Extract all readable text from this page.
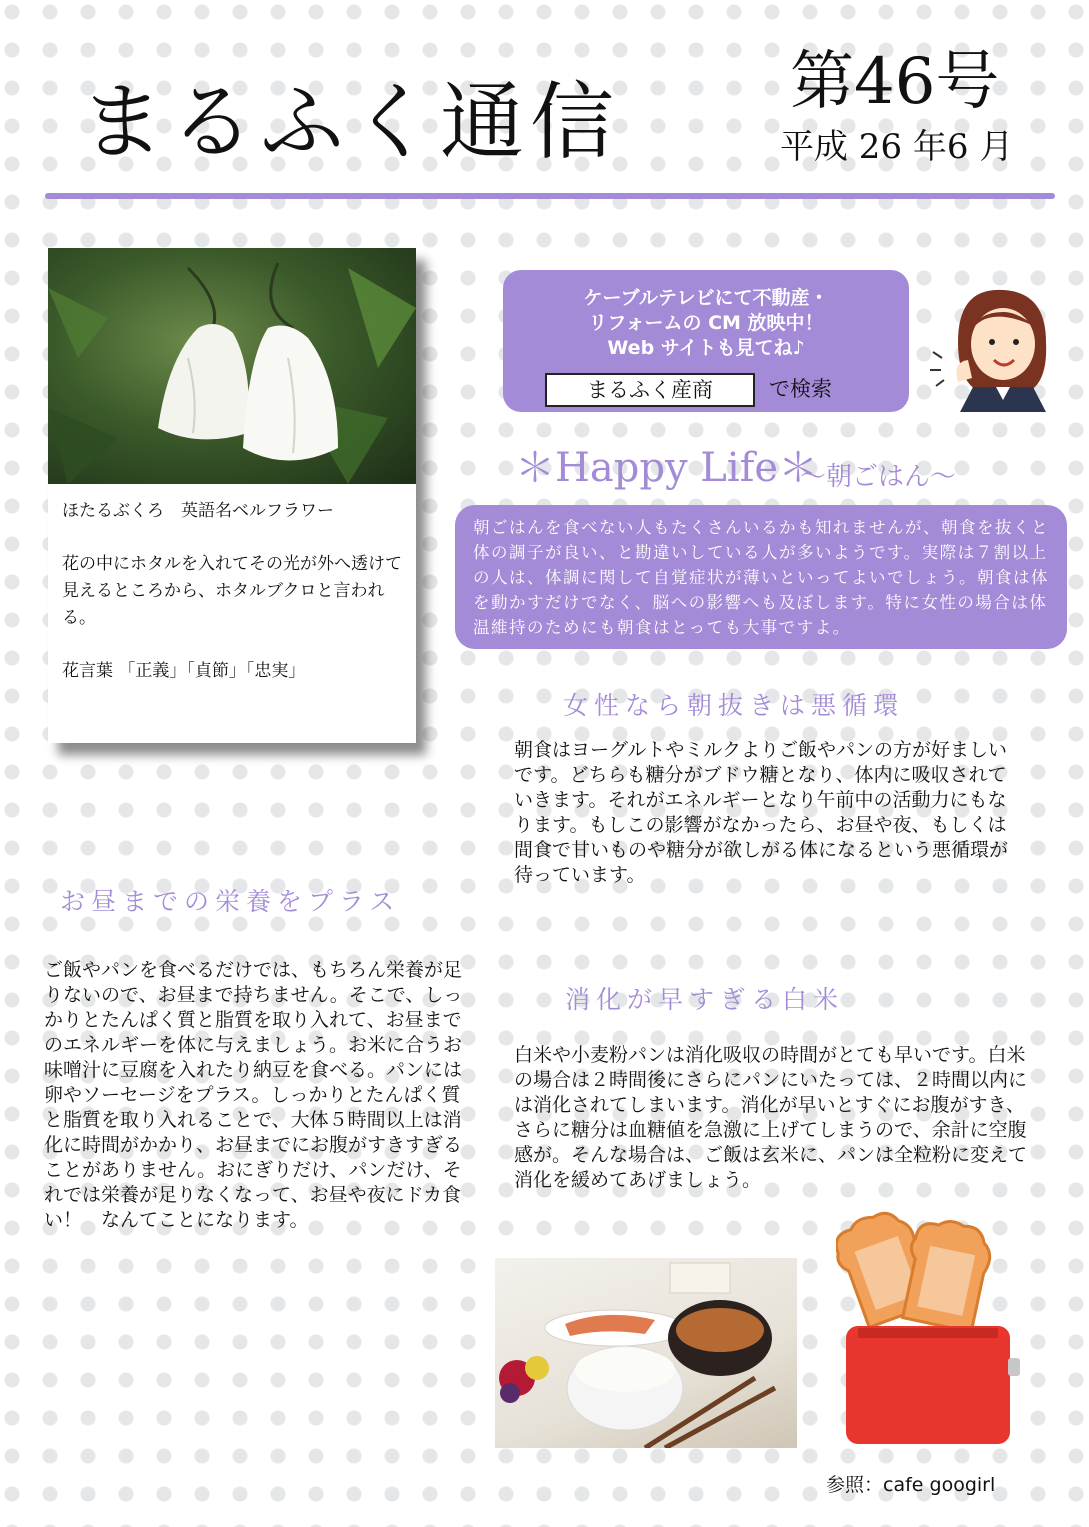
まるふく通信	第46号
平成 26 年6 月

ほたるぶくろ　英語名ベルフラワー

花の中にホタルを入れてその光が外へ透けて見えるところから、ホタルブクロと言われる。

花言葉 「正義」「貞節」「忠実」

ケーブルテレビにて不動産・
リフォームの CM 放映中！
Web サイトも見てね♪
まるふく産商	で検索
＊Happy Life＊
～朝ごはん～
朝ごはんを食べない人もたくさんいるかも知れませんが、朝食を抜くと体の調子が良い、と勘違いしている人が多いようです。実際は７割以上の人は、体調に関して自覚症状が薄いといってよいでしょう。朝食は体を動かすだけでなく、脳への影響へも及ぼします。特に女性の場合は体温維持のためにも朝食はとっても大事ですよ。
女性なら朝抜きは悪循環
朝食はヨーグルトやミルクよりご飯やパンの方が好ましいです。どちらも糖分がブドウ糖となり、体内に吸収されていきます。それがエネルギーとなり午前中の活動力にもなります。もしこの影響がなかったら、お昼や夜、もしくは間食で甘いものや糖分が欲しがる体になるという悪循環が待っています。
お昼までの栄養をプラス
ご飯やパンを食べるだけでは、もちろん栄養が足りないので、お昼まで持ちません。そこで、しっかりとたんぱく質と脂質を取り入れて、お昼までのエネルギーを体に与えましょう。お米に合うお味噌汁に豆腐を入れたり納豆を食べる。パンには卵やソーセージをプラス。しっかりとたんぱく質と脂質を取り入れることで、大体５時間以上は消化に時間がかかり、お昼までにお腹がすきすぎることがありません。おにぎりだけ、パンだけ、それでは栄養が足りなくなって、お昼や夜にドカ食い！　なんてことになります。
消化が早すぎる白米
白米や小麦粉パンは消化吸収の時間がとても早いです。白米の場合は２時間後にさらにパンにいたっては、２時間以内には消化されてしまいます。消化が早いとすぐにお腹がすき、さらに糖分は血糖値を急激に上げてしまうので、余計に空腹感が。そんな場合は、ご飯は玄米に、パンは全粒粉に変えて消化を緩めてあげましょう。
参照：cafe googirl
